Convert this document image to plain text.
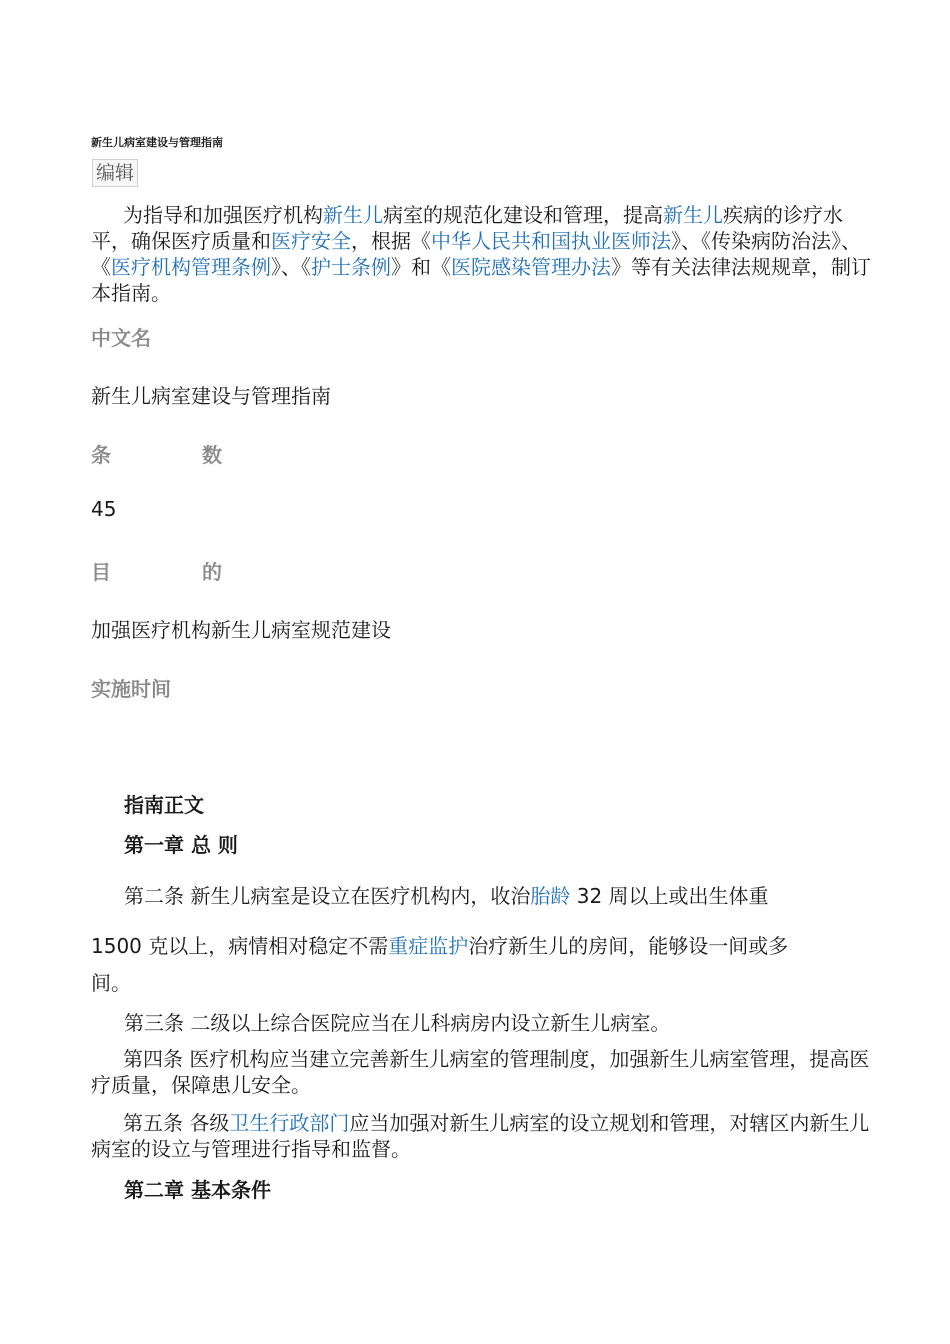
新生儿病室建设与管理指南
编辑
为指导和加强医疗机构新生儿病室的规范化建设和管理，提高新生儿疾病的诊疗水平，确保医疗质量和医疗安全，根据《中华人民共和国执业医师法》、《传染病防治法》、《医疗机构管理条例》、《护士条例》和《医院感染管理办法》等有关法律法规规章，制订本指南。
中文名
新生儿病室建设与管理指南
条	数
45
目	的
加强医疗机构新生儿病室规范建设
实施时间
指南正文
第一章 总 则
第二条 新生儿病室是设立在医疗机构内，收治胎龄 32 周以上或出生体重
1500 克以上，病情相对稳定不需重症监护治疗新生儿的房间，能够设一间或多
间。
第三条 二级以上综合医院应当在儿科病房内设立新生儿病室。
第四条 医疗机构应当建立完善新生儿病室的管理制度，加强新生儿病室管理，提高医疗质量，保障患儿安全。
第五条 各级卫生行政部门应当加强对新生儿病室的设立规划和管理，对辖区内新生儿病室的设立与管理进行指导和监督。
第二章 基本条件
